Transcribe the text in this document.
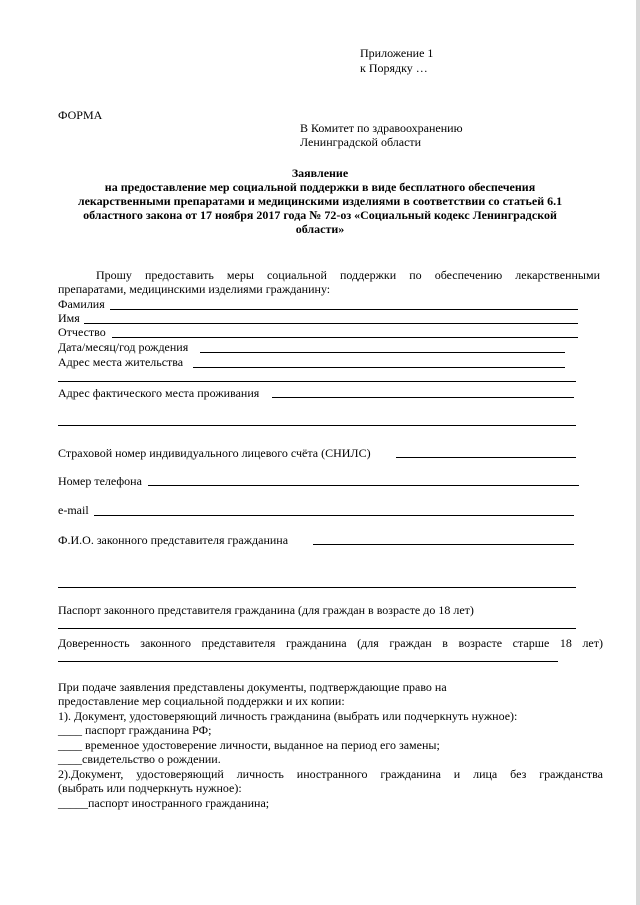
Приложение 1
к Порядку …
ФОРМА
В Комитет по здравоохранению
Ленинградской области
Заявление
на предоставление мер социальной поддержки в виде бесплатного обеспечения
лекарственными препаратами и медицинскими изделиями в соответствии со статьей 6.1
областного закона от 17 ноября 2017 года № 72-оз «Социальный кодекс Ленинградской
области»
Прошу предоставить меры социальной поддержки по обеспечению лекарственными
препаратами, медицинскими изделиями гражданину:
Фамилия
Имя
Отчество
Дата/месяц/год рождения
Адрес места жительства
Адрес фактического места проживания
Страховой номер индивидуального лицевого счёта (СНИЛС)
Номер телефона
e-mail
Ф.И.О. законного представителя гражданина
Паспорт законного представителя гражданина (для граждан в возрасте до 18 лет)
Доверенность законного представителя гражданина (для граждан в возрасте старше 18 лет)
При подаче заявления представлены документы, подтверждающие право на
предоставление мер социальной поддержки и их копии:
1). Документ, удостоверяющий личность гражданина (выбрать или подчеркнуть нужное):
____ паспорт гражданина РФ;
____ временное удостоверение личности, выданное на период его замены;
____свидетельство о рождении.
2).Документ, удостоверяющий личность иностранного гражданина и лица без гражданства
(выбрать или подчеркнуть нужное):
_____паспорт иностранного гражданина;
